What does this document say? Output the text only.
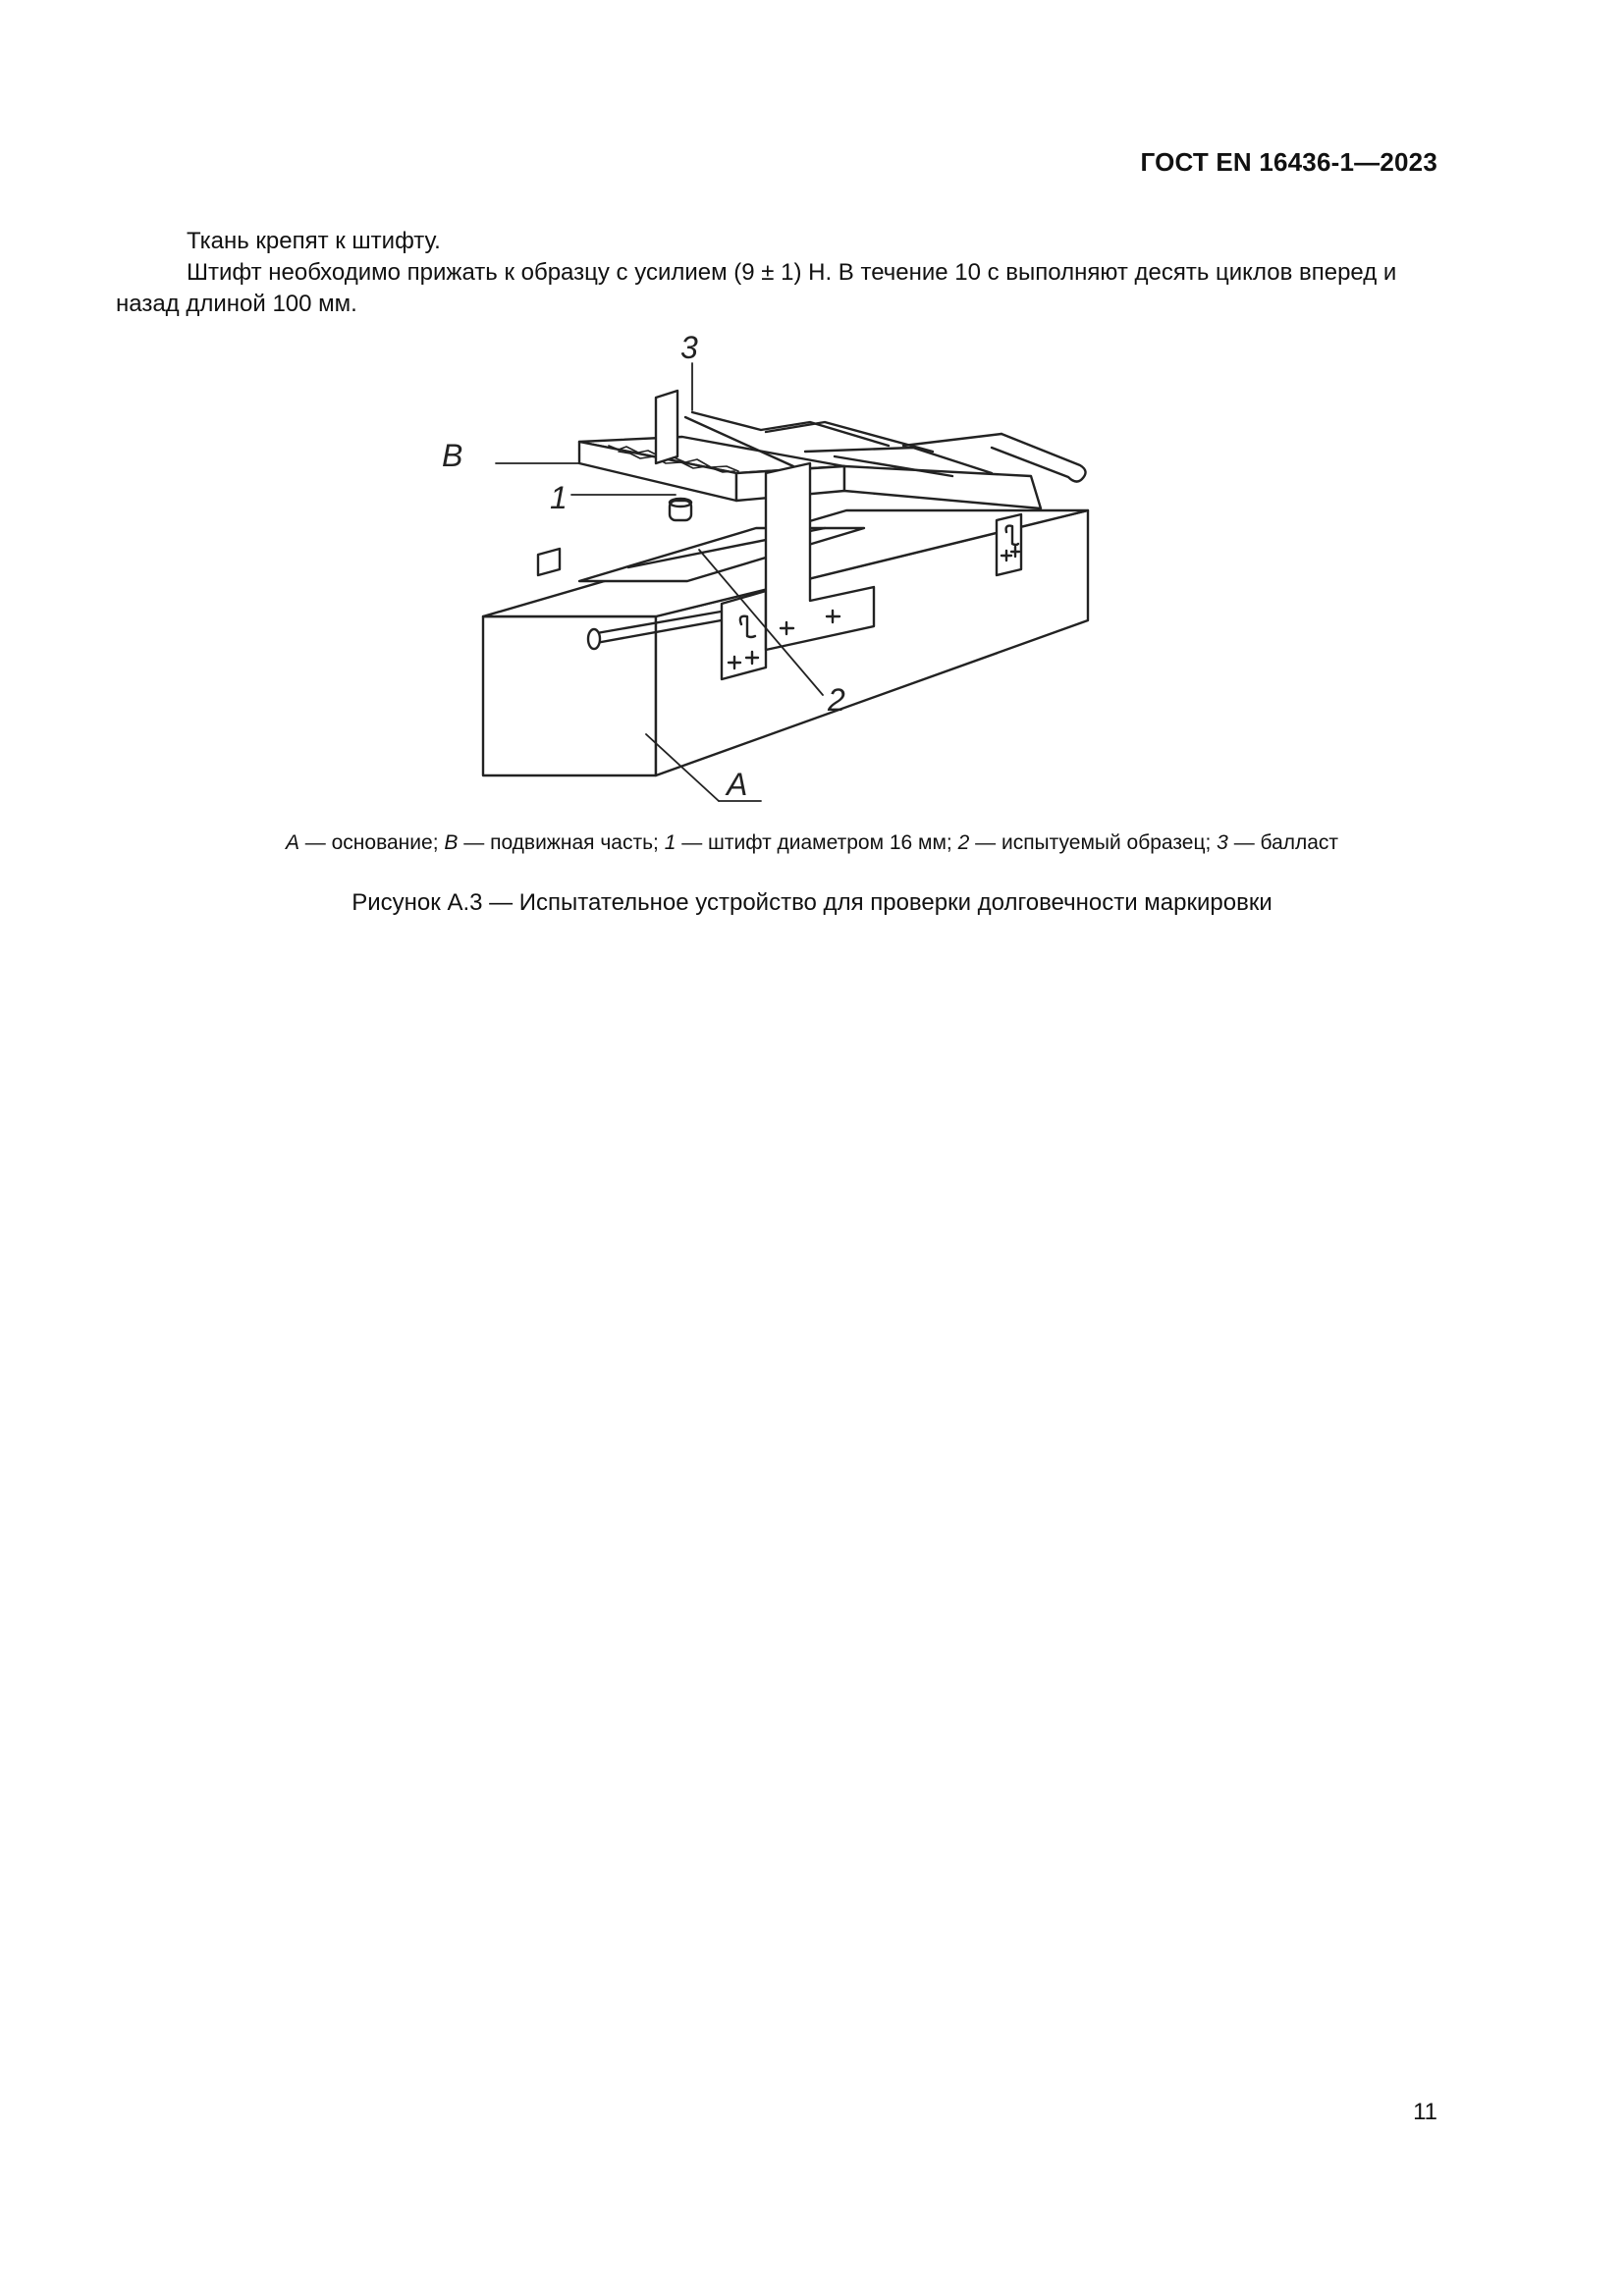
ГОСТ EN 16436-1—2023

Ткань крепят к штифту.

Штифт необходимо прижать к образцу с усилием (9 ± 1) Н. В течение 10 с выполняют десять циклов вперед и назад длиной 100 мм.

3
B
1
2
A
A — основание; B — подвижная часть; 1 — штифт диаметром 16 мм; 2 — испытуемый образец; 3 — балласт
Рисунок А.3 — Испытательное устройство для проверки долговечности маркировки
11
